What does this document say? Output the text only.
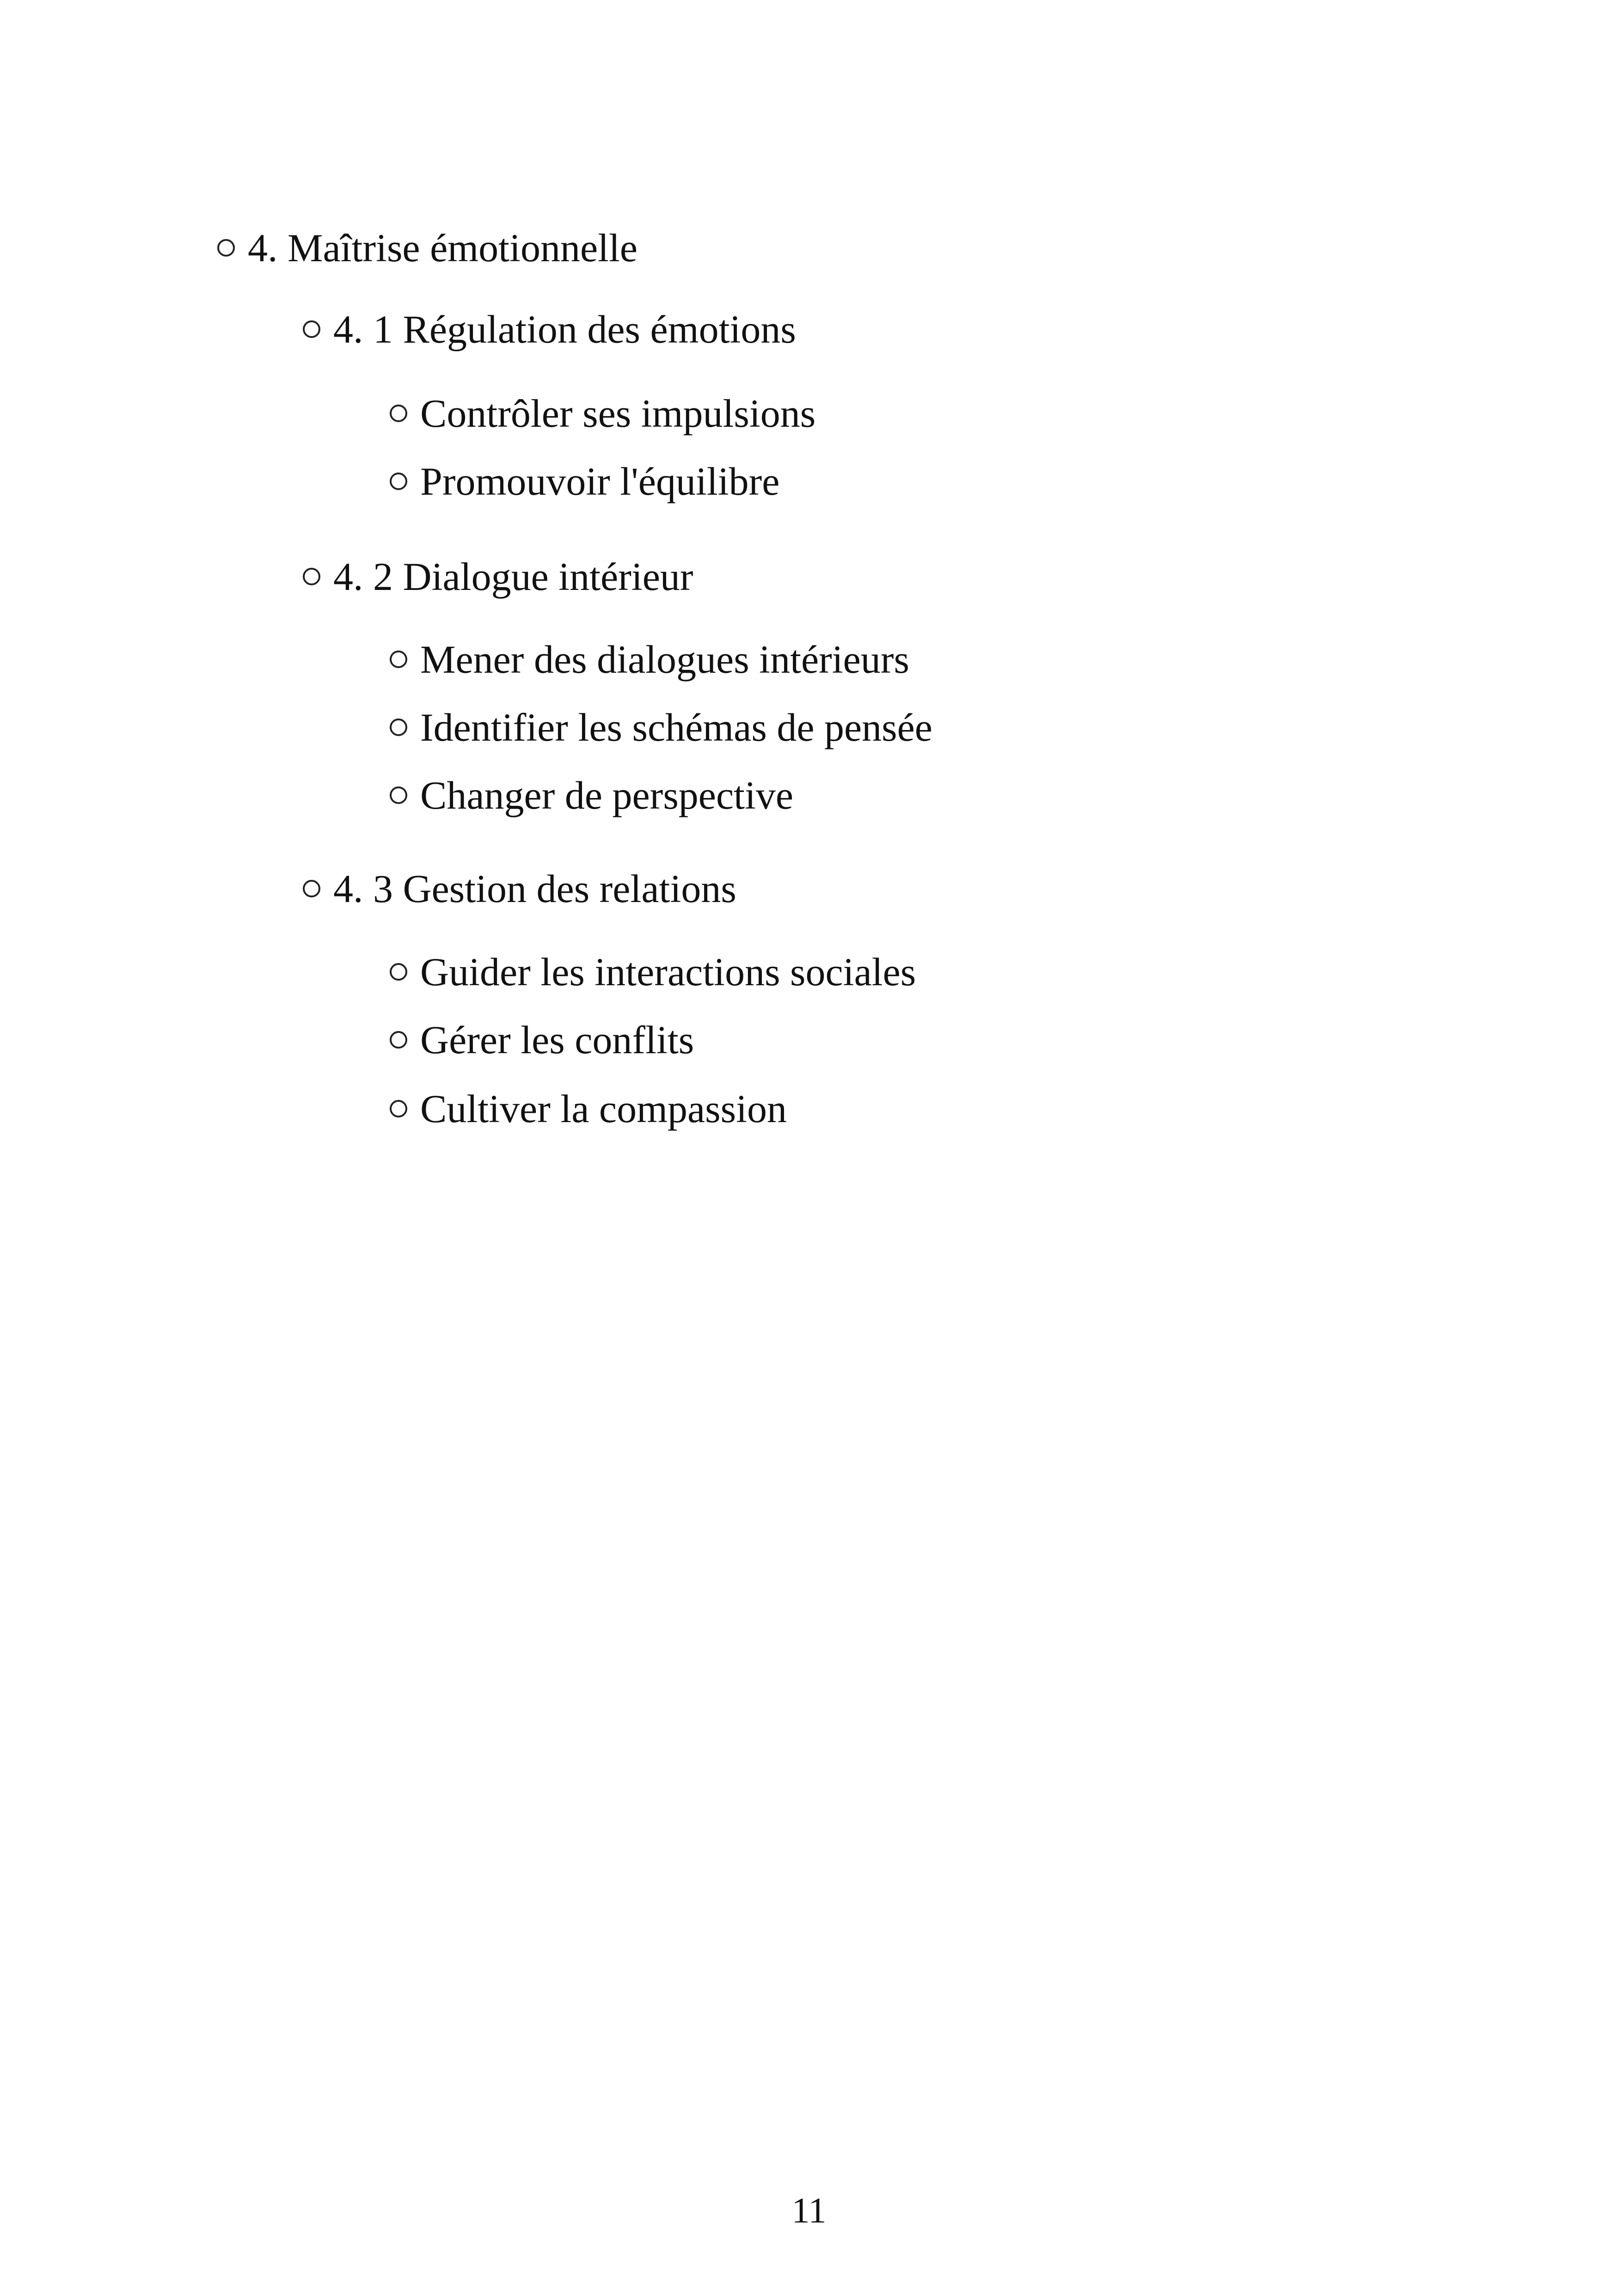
4. Maîtrise émotionnelle
4. 1 Régulation des émotions
Contrôler ses impulsions
Promouvoir l'équilibre
4. 2 Dialogue intérieur
Mener des dialogues intérieurs
Identifier les schémas de pensée
Changer de perspective
4. 3 Gestion des relations
Guider les interactions sociales
Gérer les conflits
Cultiver la compassion
11
